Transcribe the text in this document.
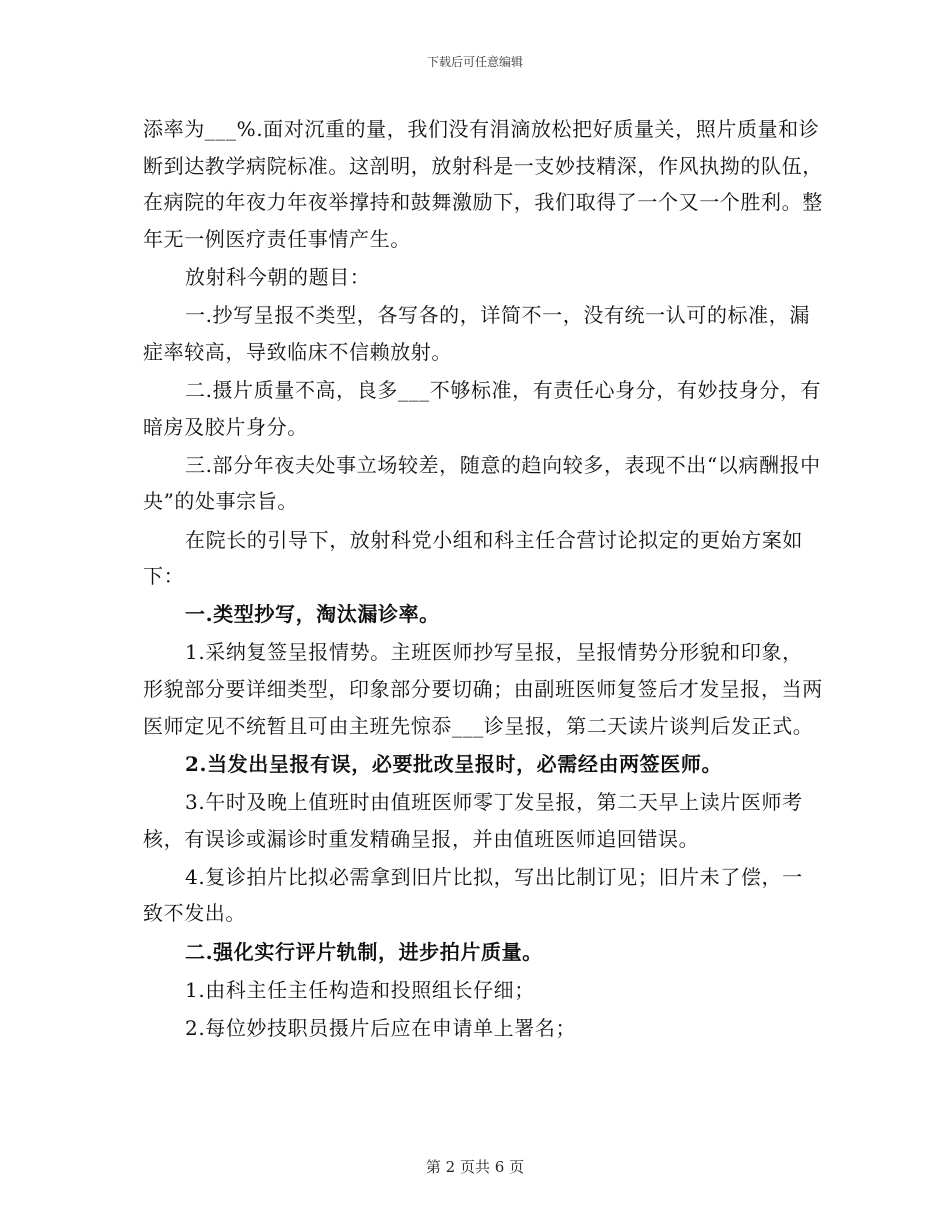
下载后可任意编辑

添率为___%.面对沉重的量，我们没有涓滴放松把好质量关，照片质量和诊断到达教学病院标准。这剖明，放射科是一支妙技精深，作风执拗的队伍，在病院的年夜力年夜举撑持和鼓舞激励下，我们取得了一个又一个胜利。整年无一例医疗责任事情产生。

放射科今朝的题目：

一.抄写呈报不类型，各写各的，详简不一，没有统一认可的标准，漏症率较高，导致临床不信赖放射。

二.摄片质量不高，良多___不够标准，有责任心身分，有妙技身分，有暗房及胶片身分。

三.部分年夜夫处事立场较差，随意的趋向较多，表现不出“以病酬报中央”的处事宗旨。

在院长的引导下，放射科党小组和科主任合营讨论拟定的更始方案如下：

一.类型抄写，淘汰漏诊率。

1.采纳复签呈报情势。主班医师抄写呈报，呈报情势分形貌和印象，形貌部分要详细类型，印象部分要切确；由副班医师复签后才发呈报，当两医师定见不统暂且可由主班先惊忝___诊呈报，第二天读片谈判后发正式。

2.当发出呈报有误，必要批改呈报时，必需经由两签医师。

3.午时及晚上值班时由值班医师零丁发呈报，第二天早上读片医师考核，有误诊或漏诊时重发精确呈报，并由值班医师追回错误。

4.复诊拍片比拟必需拿到旧片比拟，写出比制订见；旧片未了偿，一致不发出。

二.强化实行评片轨制，进步拍片质量。

1.由科主任主任构造和投照组长仔细；

2.每位妙技职员摄片后应在申请单上署名；

第 2 页共 6 页
